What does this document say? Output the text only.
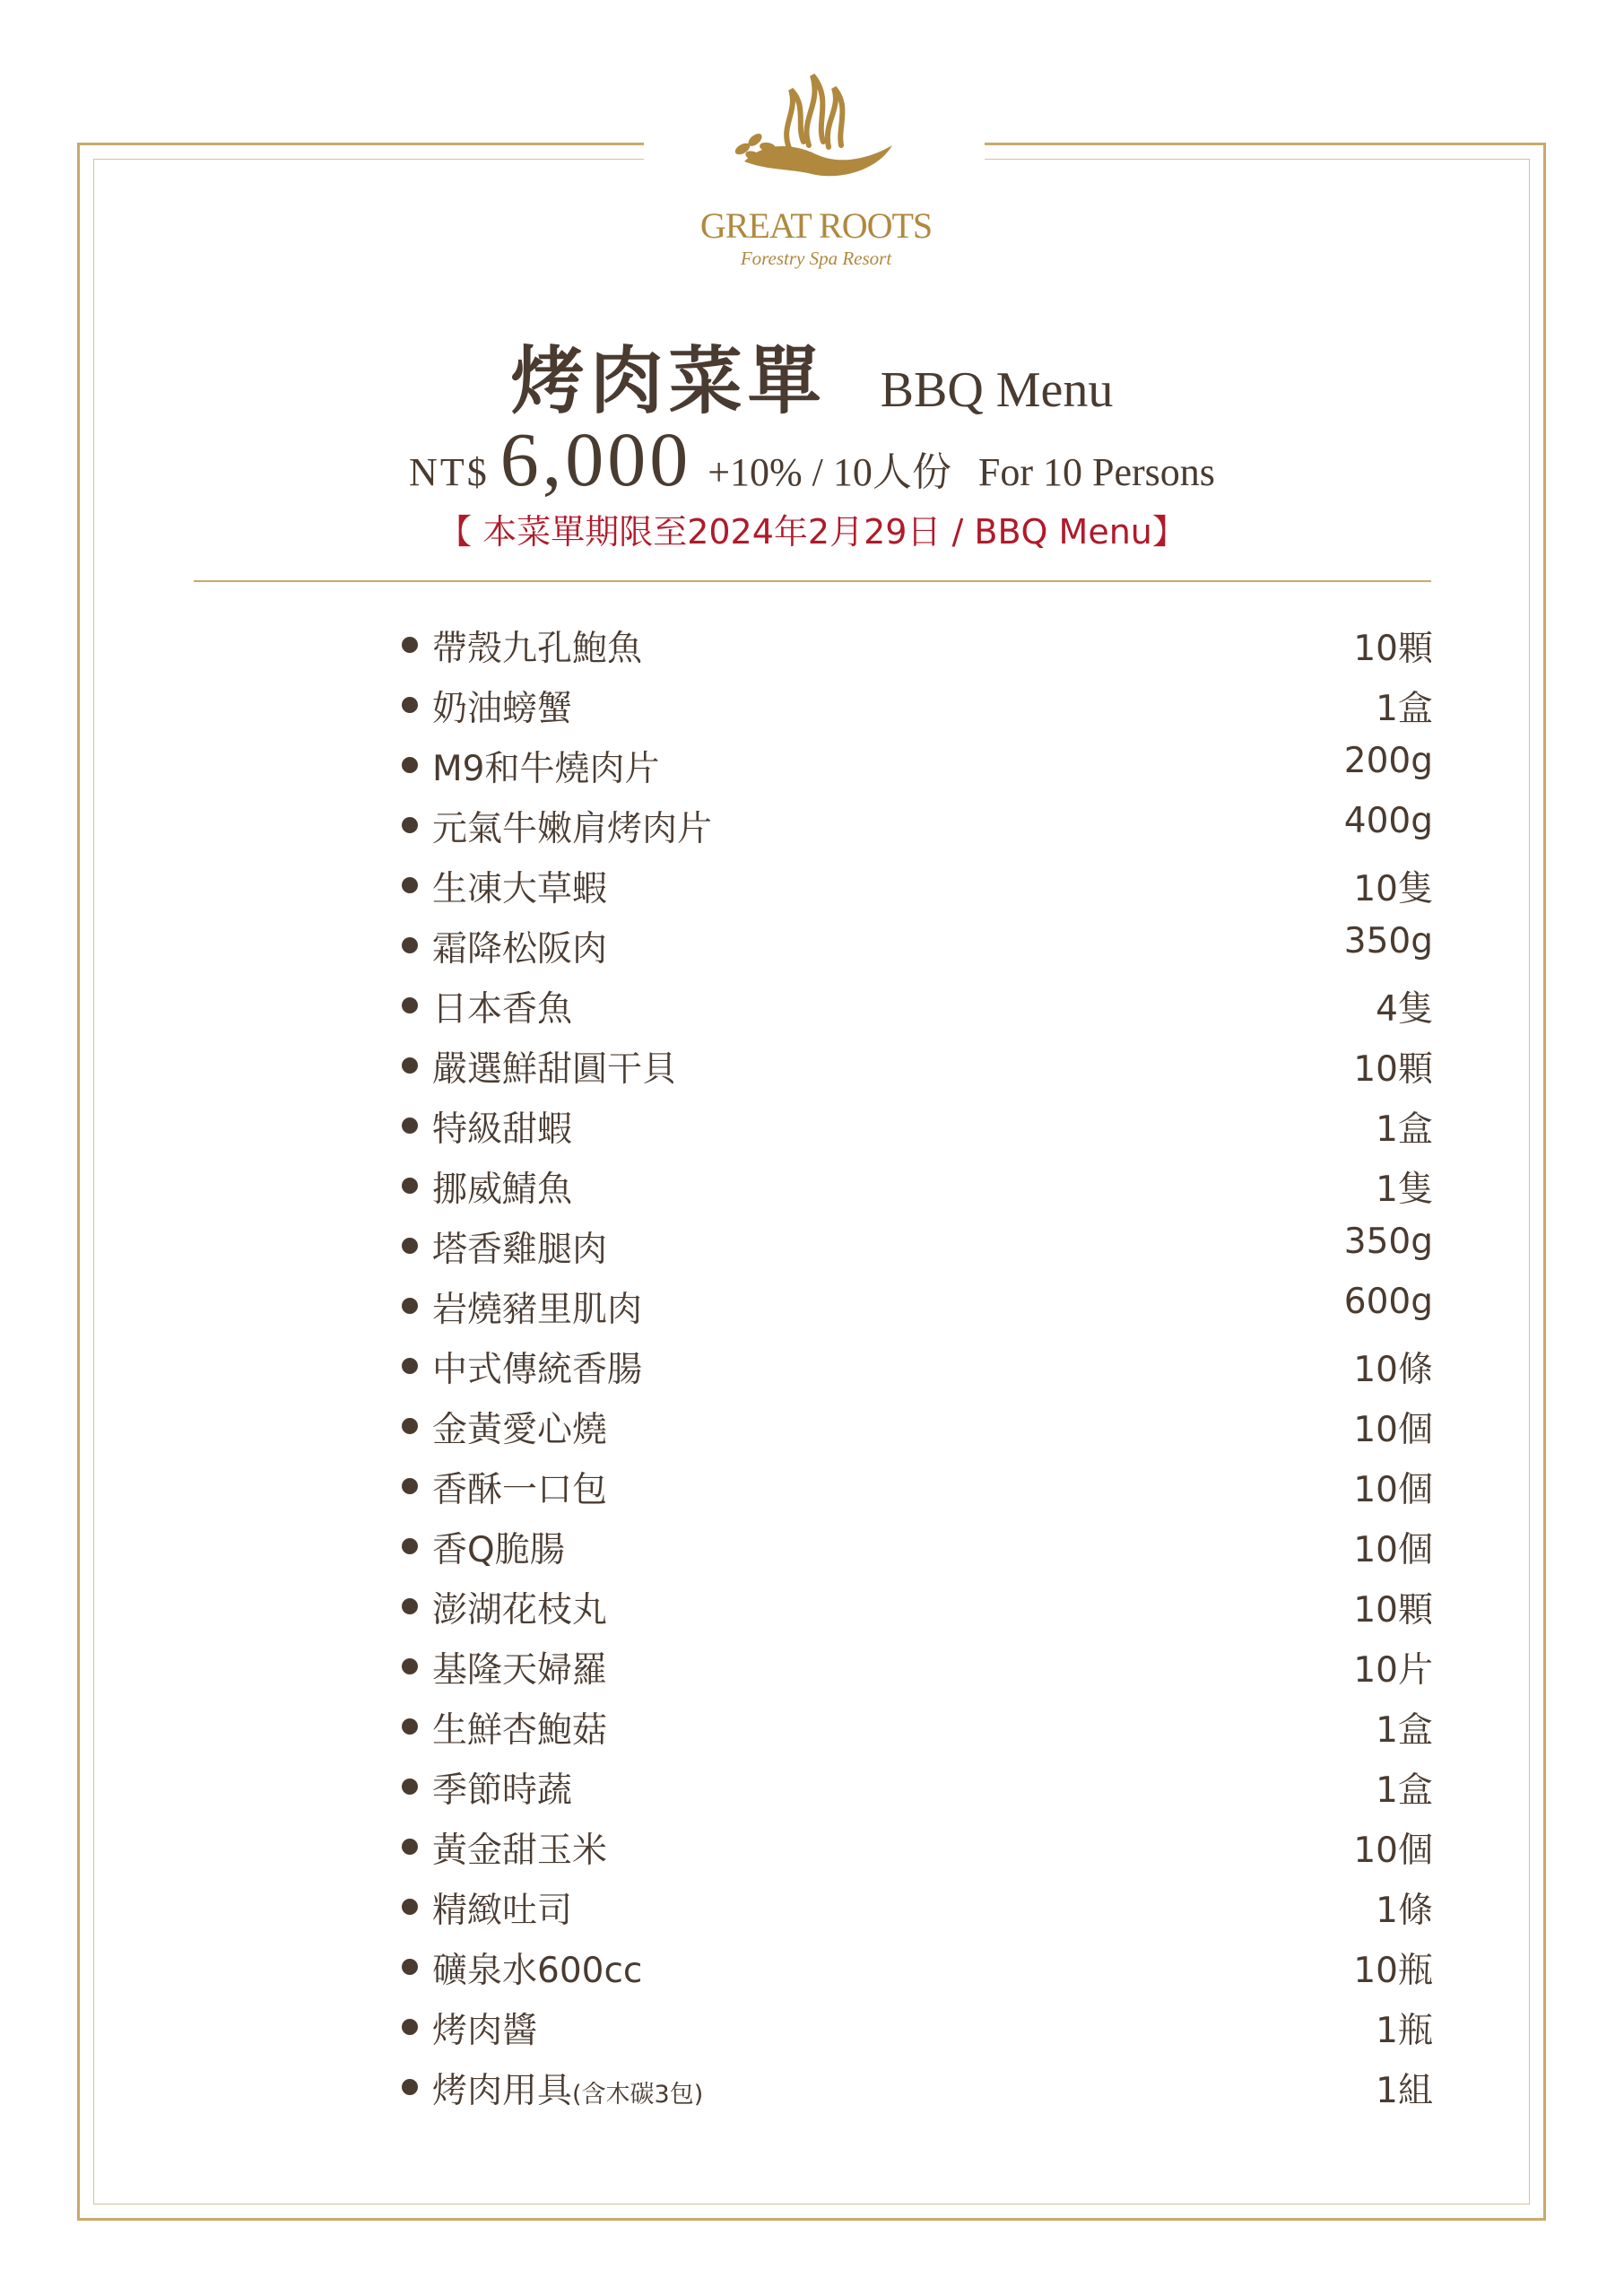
GREAT ROOTS
Forestry Spa Resort
烤肉菜單 BBQ Menu
NT$ 6,000 +10% / 10人份 For 10 Persons
【 本菜單期限至2024年2月29日 / BBQ Menu】
帶殼九孔鮑魚	10顆
奶油螃蟹	1盒
M9和牛燒肉片	200g
元氣牛嫩肩烤肉片	400g
生凍大草蝦	10隻
霜降松阪肉	350g
日本香魚	4隻
嚴選鮮甜圓干貝	10顆
特級甜蝦	1盒
挪威鯖魚	1隻
塔香雞腿肉	350g
岩燒豬里肌肉	600g
中式傳統香腸	10條
金黃愛心燒	10個
香酥一口包	10個
香Q脆腸	10個
澎湖花枝丸	10顆
基隆天婦羅	10片
生鮮杏鮑菇	1盒
季節時蔬	1盒
黃金甜玉米	10個
精緻吐司	1條
礦泉水600cc	10瓶
烤肉醬	1瓶
烤肉用具(含木碳3包)	1組
